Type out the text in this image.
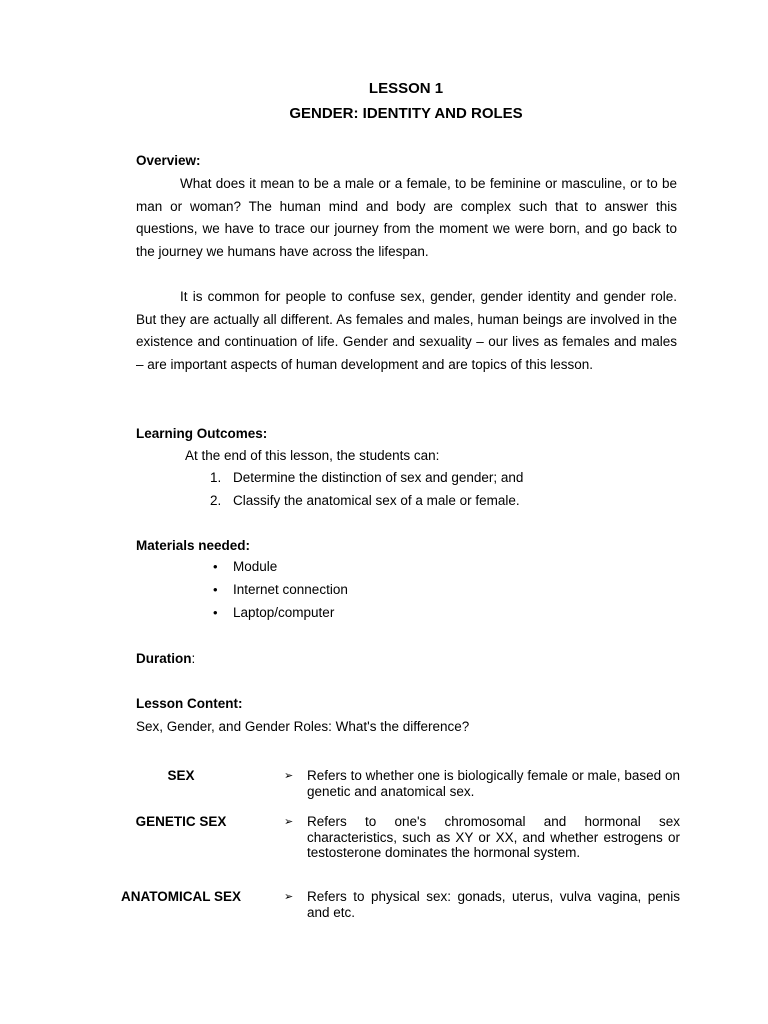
LESSON 1
GENDER: IDENTITY AND ROLES
Overview:

What does it mean to be a male or a female, to be feminine or masculine, or to be man or woman? The human mind and body are complex such that to answer this questions, we have to trace our journey from the moment we were born, and go back to the journey we humans have across the lifespan.

It is common for people to confuse sex, gender, gender identity and gender role. But they are actually all different. As females and males, human beings are involved in the existence and continuation of life. Gender and sexuality – our lives as females and males – are important aspects of human development and are topics of this lesson.

Learning Outcomes:
At the end of this lesson, the students can:
1. Determine the distinction of sex and gender; and
2. Classify the anatomical sex of a male or female.
Materials needed:
• Module
• Internet connection
• Laptop/computer
Duration:
Lesson Content:
Sex, Gender, and Gender Roles: What's the difference?
SEX	➢ Refers to whether one is biologically female or male, based on genetic and anatomical sex.

GENETIC SEX	➢ Refers to one's chromosomal and hormonal sex characteristics, such as XY or XX, and whether estrogens or testosterone dominates the hormonal system.

ANATOMICAL SEX	➢ Refers to physical sex: gonads, uterus, vulva vagina, penis and etc.
